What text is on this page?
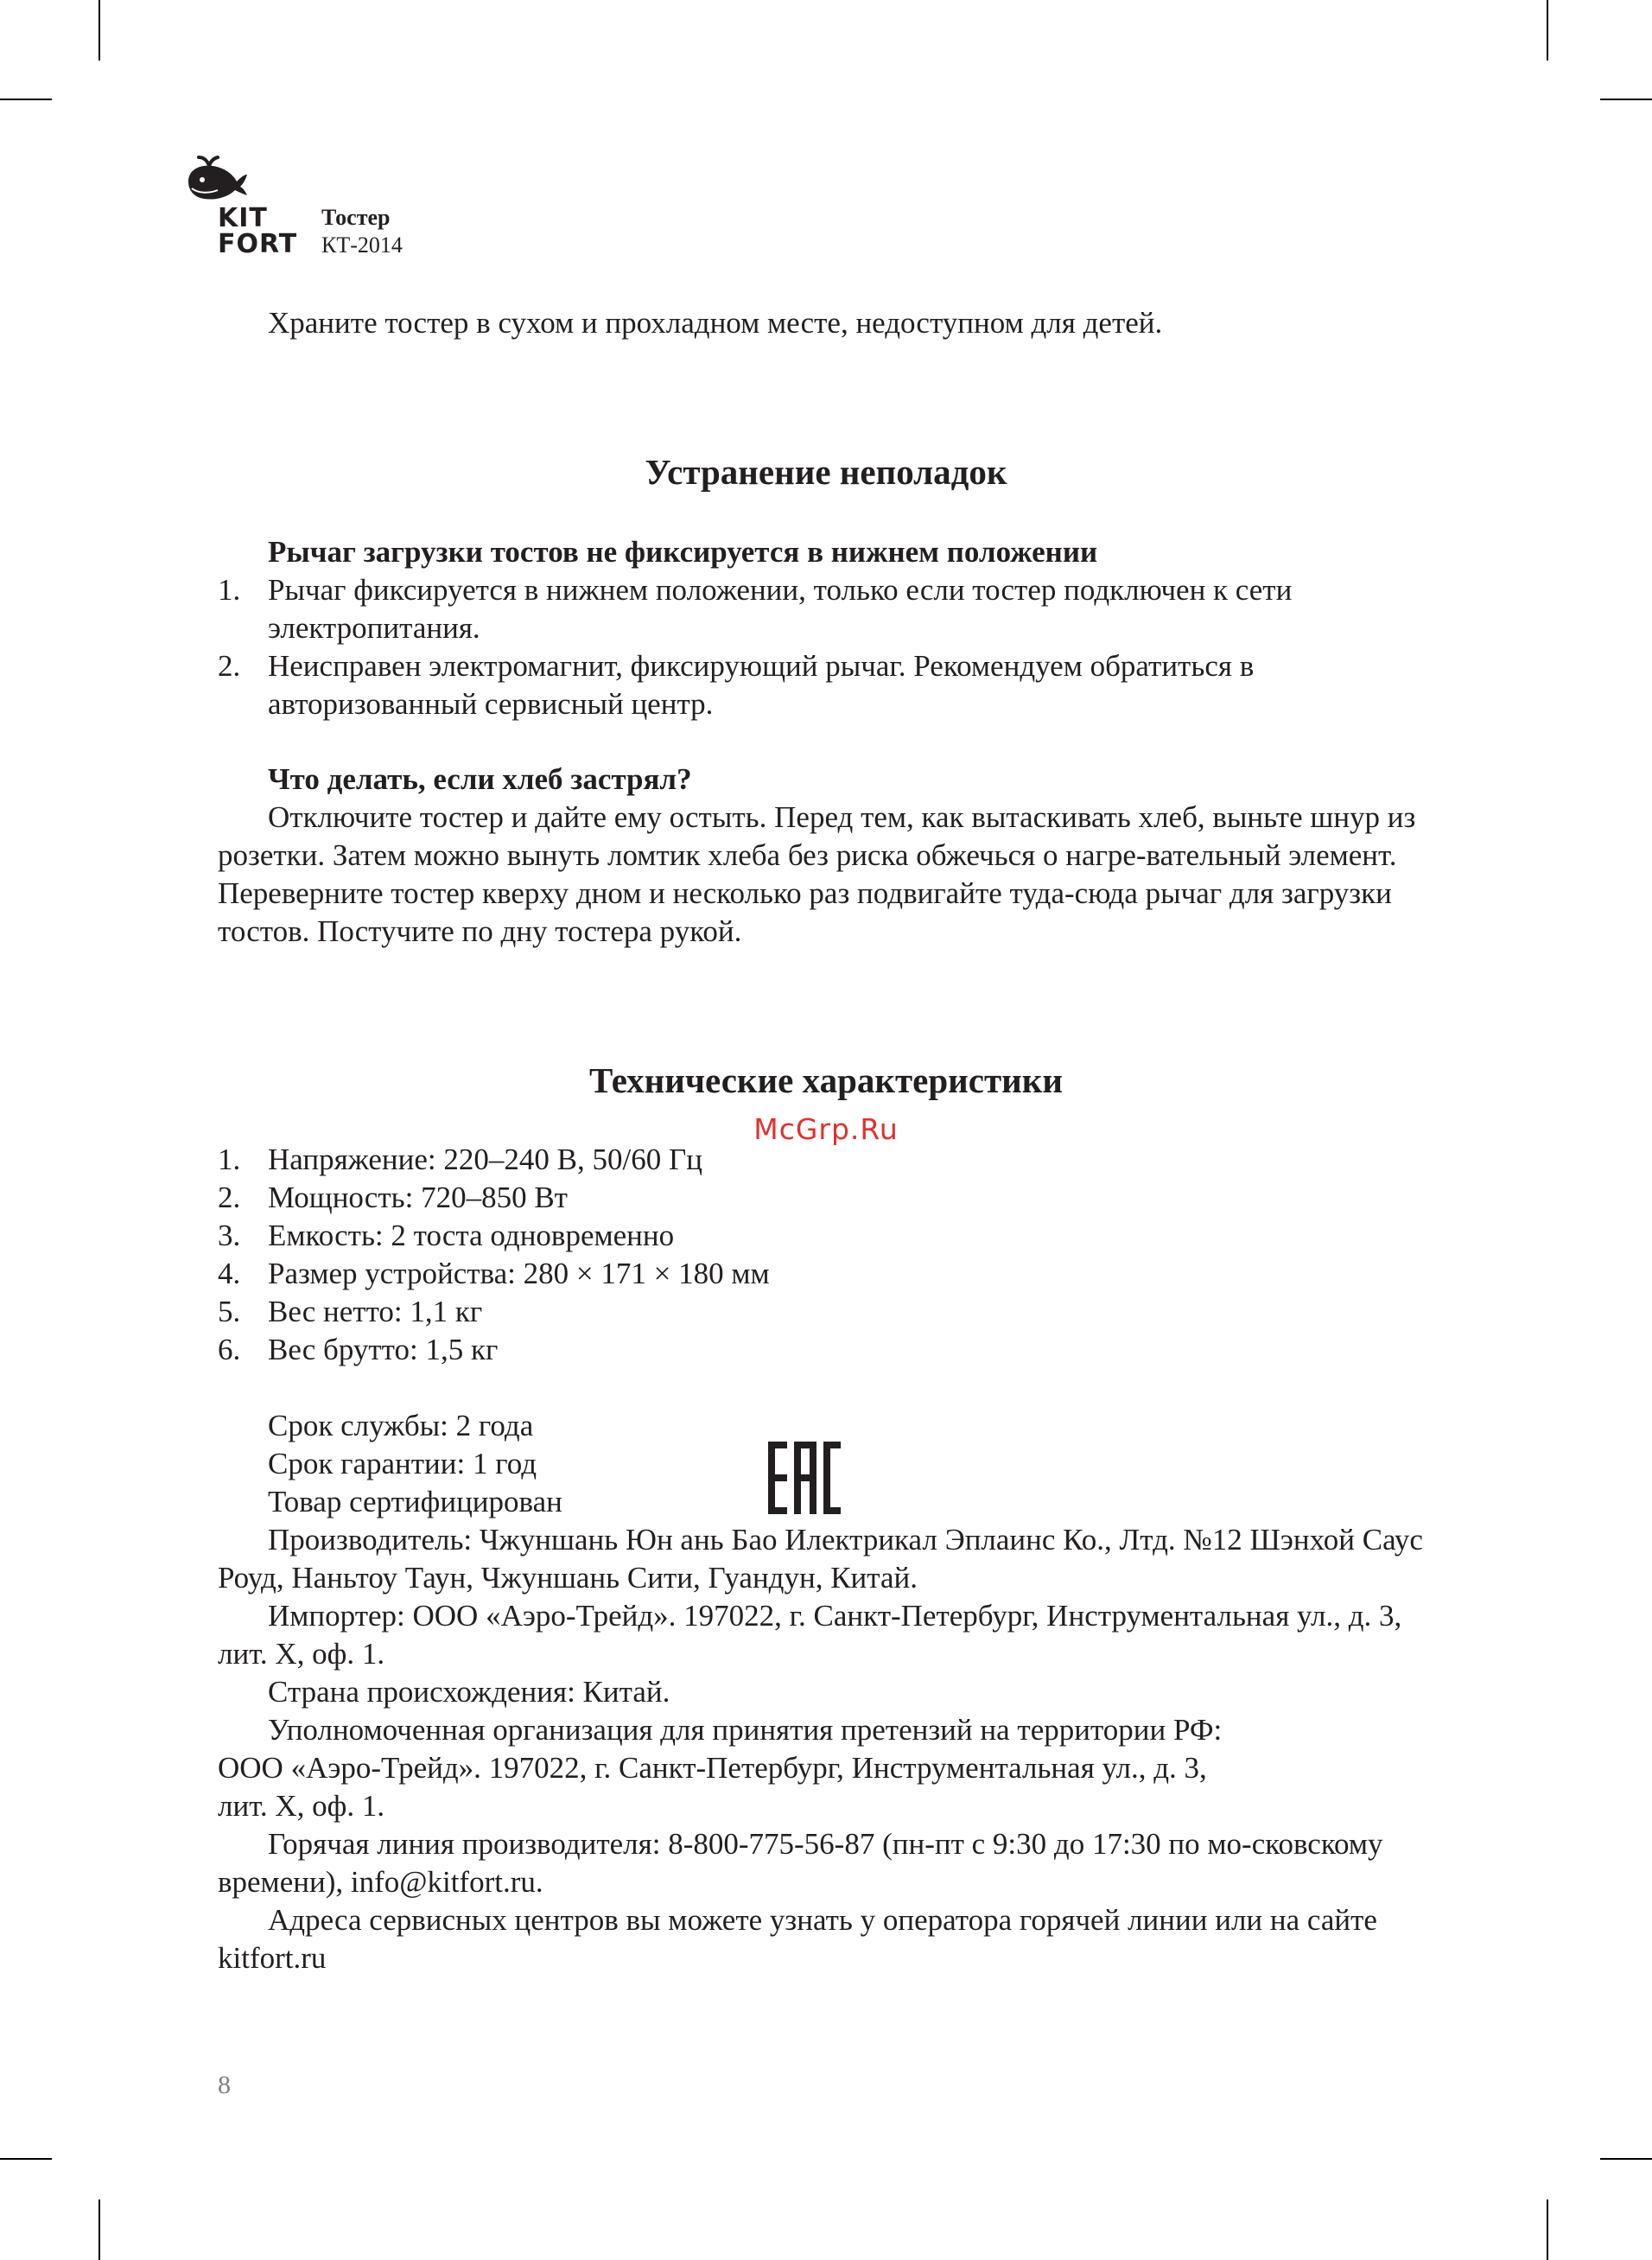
KIT
FORT
Тостер
КТ-2014

Храните тостер в сухом и прохладном месте, недоступном для детей.

Устранение неполадок

Рычаг загрузки тостов не фиксируется в нижнем положении

1. Рычаг фиксируется в нижнем положении, только если тостер подключен к сети электропитания.
2. Неисправен электромагнит, фиксирующий рычаг. Рекомендуем обратиться в авторизованный сервисный центр.

Что делать, если хлеб застрял?

Отключите тостер и дайте ему остыть. Перед тем, как вытаскивать хлеб, выньте шнур из розетки. Затем можно вынуть ломтик хлеба без риска обжечься о нагре-вательный элемент. Переверните тостер кверху дном и несколько раз подвигайте туда-сюда рычаг для загрузки тостов. Постучите по дну тостера рукой.

Технические характеристики
McGrp.Ru
1. Напряжение: 220–240 В, 50/60 Гц
2. Мощность: 720–850 Вт
3. Емкость: 2 тоста одновременно
4. Размер устройства: 280 × 171 × 180 мм
5. Вес нетто: 1,1 кг
6. Вес брутто: 1,5 кг

Срок службы: 2 года

Срок гарантии: 1 год

Товар сертифицирован

Производитель: Чжуншань Юн ань Бао Илектрикал Эплаинс Ко., Лтд. №12 Шэнхой Саус Роуд, Наньтоу Таун, Чжуншань Сити, Гуандун, Китай.

Импортер: ООО «Аэро-Трейд». 197022, г. Санкт-Петербург, Инструментальная ул., д. 3, лит. Х, оф. 1.

Страна происхождения: Китай.

Уполномоченная организация для принятия претензий на территории РФ:

ООО «Аэро-Трейд». 197022, г. Санкт-Петербург, Инструментальная ул., д. 3,

лит. Х, оф. 1.

Горячая линия производителя: 8-800-775-56-87 (пн-пт с 9:30 до 17:30 по мо-сковскому времени), info@kitfort.ru.

Адреса сервисных центров вы можете узнать у оператора горячей линии или на сайте kitfort.ru

8
